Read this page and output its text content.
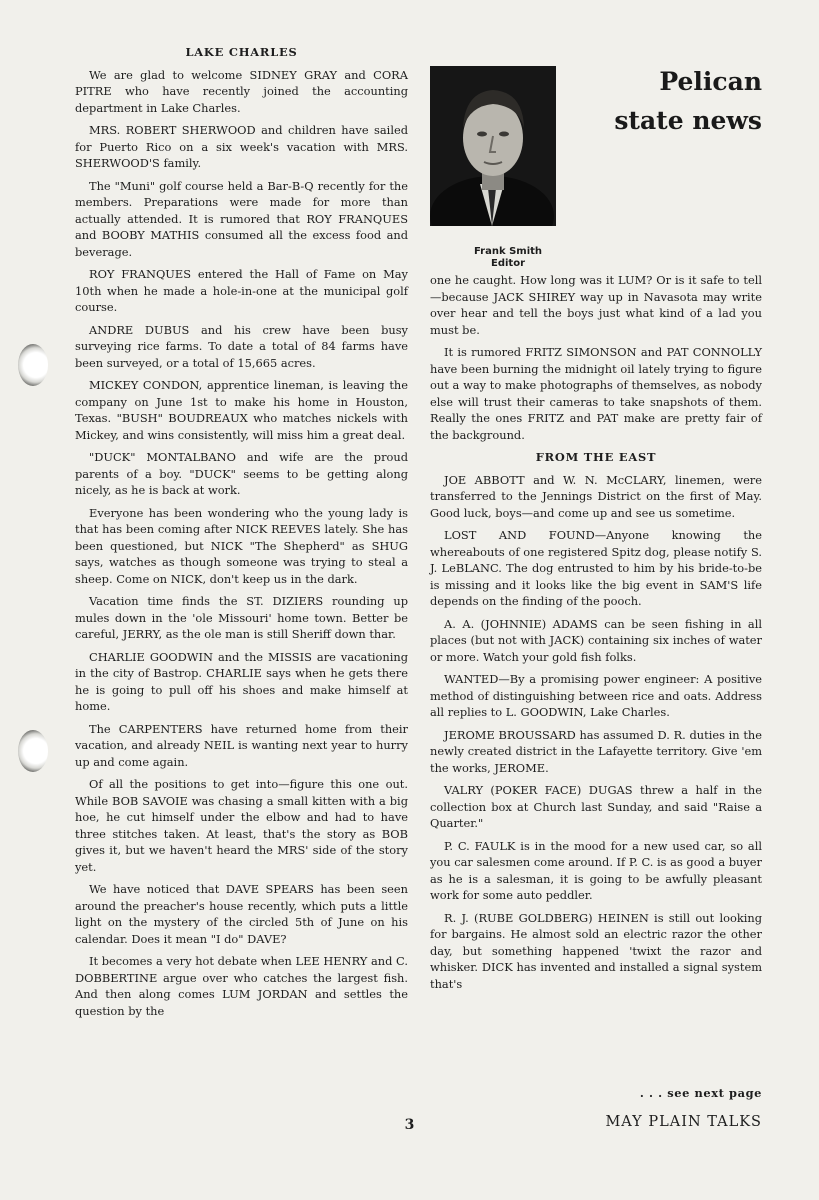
LAKE CHARLES

We are glad to welcome SIDNEY GRAY and CORA PITRE who have recently joined the accounting department in Lake Charles.

MRS. ROBERT SHERWOOD and children have sailed for Puerto Rico on a six week's vacation with MRS. SHERWOOD'S family.

The "Muni" golf course held a Bar-B-Q recently for the members. Preparations were made for more than actually attended. It is rumored that ROY FRANQUES and BOOBY MATHIS consumed all the excess food and beverage.

ROY FRANQUES entered the Hall of Fame on May 10th when he made a hole-in-one at the municipal golf course.

ANDRE DUBUS and his crew have been busy surveying rice farms. To date a total of 84 farms have been surveyed, or a total of 15,665 acres.

MICKEY CONDON, apprentice lineman, is leaving the company on June 1st to make his home in Houston, Texas. "BUSH" BOUDREAUX who matches nickels with Mickey, and wins consistently, will miss him a great deal.

"DUCK" MONTALBANO and wife are the proud parents of a boy. "DUCK" seems to be getting along nicely, as he is back at work.

Everyone has been wondering who the young lady is that has been coming after NICK REEVES lately. She has been questioned, but NICK "The Shepherd" as SHUG says, watches as though someone was trying to steal a sheep. Come on NICK, don't keep us in the dark.

Vacation time finds the ST. DIZIERS rounding up mules down in the 'ole Missouri' home town. Better be careful, JERRY, as the ole man is still Sheriff down thar.

CHARLIE GOODWIN and the MISSIS are vacationing in the city of Bastrop. CHARLIE says when he gets there he is going to pull off his shoes and make himself at home.

The CARPENTERS have returned home from their vacation, and already NEIL is wanting next year to hurry up and come again.

Of all the positions to get into—figure this one out. While BOB SAVOIE was chasing a small kitten with a big hoe, he cut himself under the elbow and had to have three stitches taken. At least, that's the story as BOB gives it, but we haven't heard the MRS' side of the story yet.

We have noticed that DAVE SPEARS has been seen around the preacher's house recently, which puts a little light on the mystery of the circled 5th of June on his calendar. Does it mean "I do" DAVE?

It becomes a very hot debate when LEE HENRY and C. DOBBERTINE argue over who catches the largest fish. And then along comes LUM JORDAN and settles the question by the

Frank Smith
Editor
Pelican
state news

one he caught. How long was it LUM? Or is it safe to tell—because JACK SHIREY way up in Navasota may write over hear and tell the boys just what kind of a lad you must be.

It is rumored FRITZ SIMONSON and PAT CONNOLLY have been burning the midnight oil lately trying to figure out a way to make photographs of themselves, as nobody else will trust their cameras to take snapshots of them. Really the ones FRITZ and PAT make are pretty fair of the background.

FROM THE EAST

JOE ABBOTT and W. N. McCLARY, linemen, were transferred to the Jennings District on the first of May. Good luck, boys—and come up and see us sometime.

LOST AND FOUND—Anyone knowing the whereabouts of one registered Spitz dog, please notify S. J. LeBLANC. The dog entrusted to him by his bride-to-be is missing and it looks like the big event in SAM'S life depends on the finding of the pooch.

A. A. (JOHNNIE) ADAMS can be seen fishing in all places (but not with JACK) containing six inches of water or more. Watch your gold fish folks.

WANTED—By a promising power engineer: A positive method of distinguishing between rice and oats. Address all replies to L. GOODWIN, Lake Charles.

JEROME BROUSSARD has assumed D. R. duties in the newly created district in the Lafayette territory. Give 'em the works, JEROME.

VALRY (POKER FACE) DUGAS threw a half in the collection box at Church last Sunday, and said "Raise a Quarter."

P. C. FAULK is in the mood for a new used car, so all you car salesmen come around. If P. C. is as good a buyer as he is a salesman, it is going to be awfully pleasant work for some auto peddler.

R. J. (RUBE GOLDBERG) HEINEN is still out looking for bargains. He almost sold an electric razor the other day, but something happened 'twixt the razor and whisker. DICK has invented and installed a signal system that's

. . . see next page
3	MAY PLAIN TALKS
